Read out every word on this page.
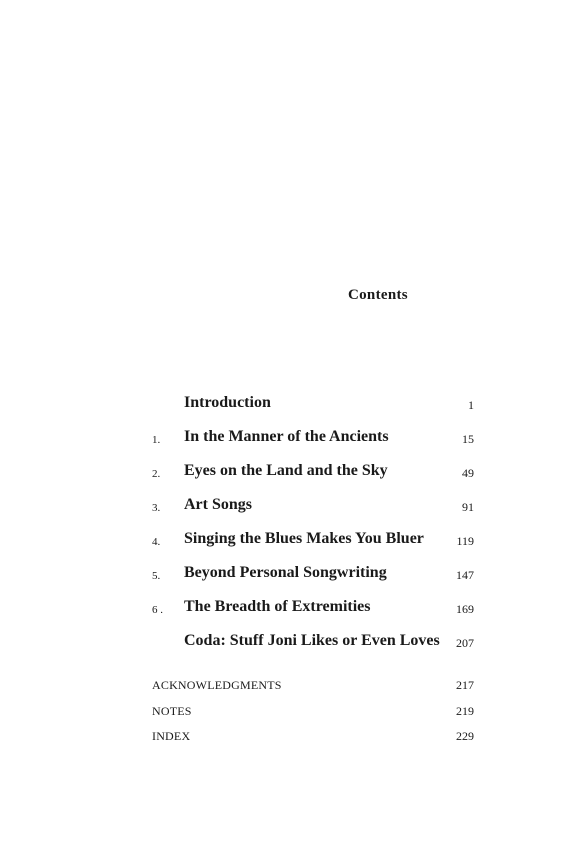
Contents
Introduction	1
1. In the Manner of the Ancients	15
2. Eyes on the Land and the Sky	49
3. Art Songs	91
4. Singing the Blues Makes You Bluer	119
5. Beyond Personal Songwriting	147
6 . The Breadth of Extremities	169
Coda: Stuff Joni Likes or Even Loves 207
ACKNOWLEDGMENTS	217
NOTES	219
INDEX	229
